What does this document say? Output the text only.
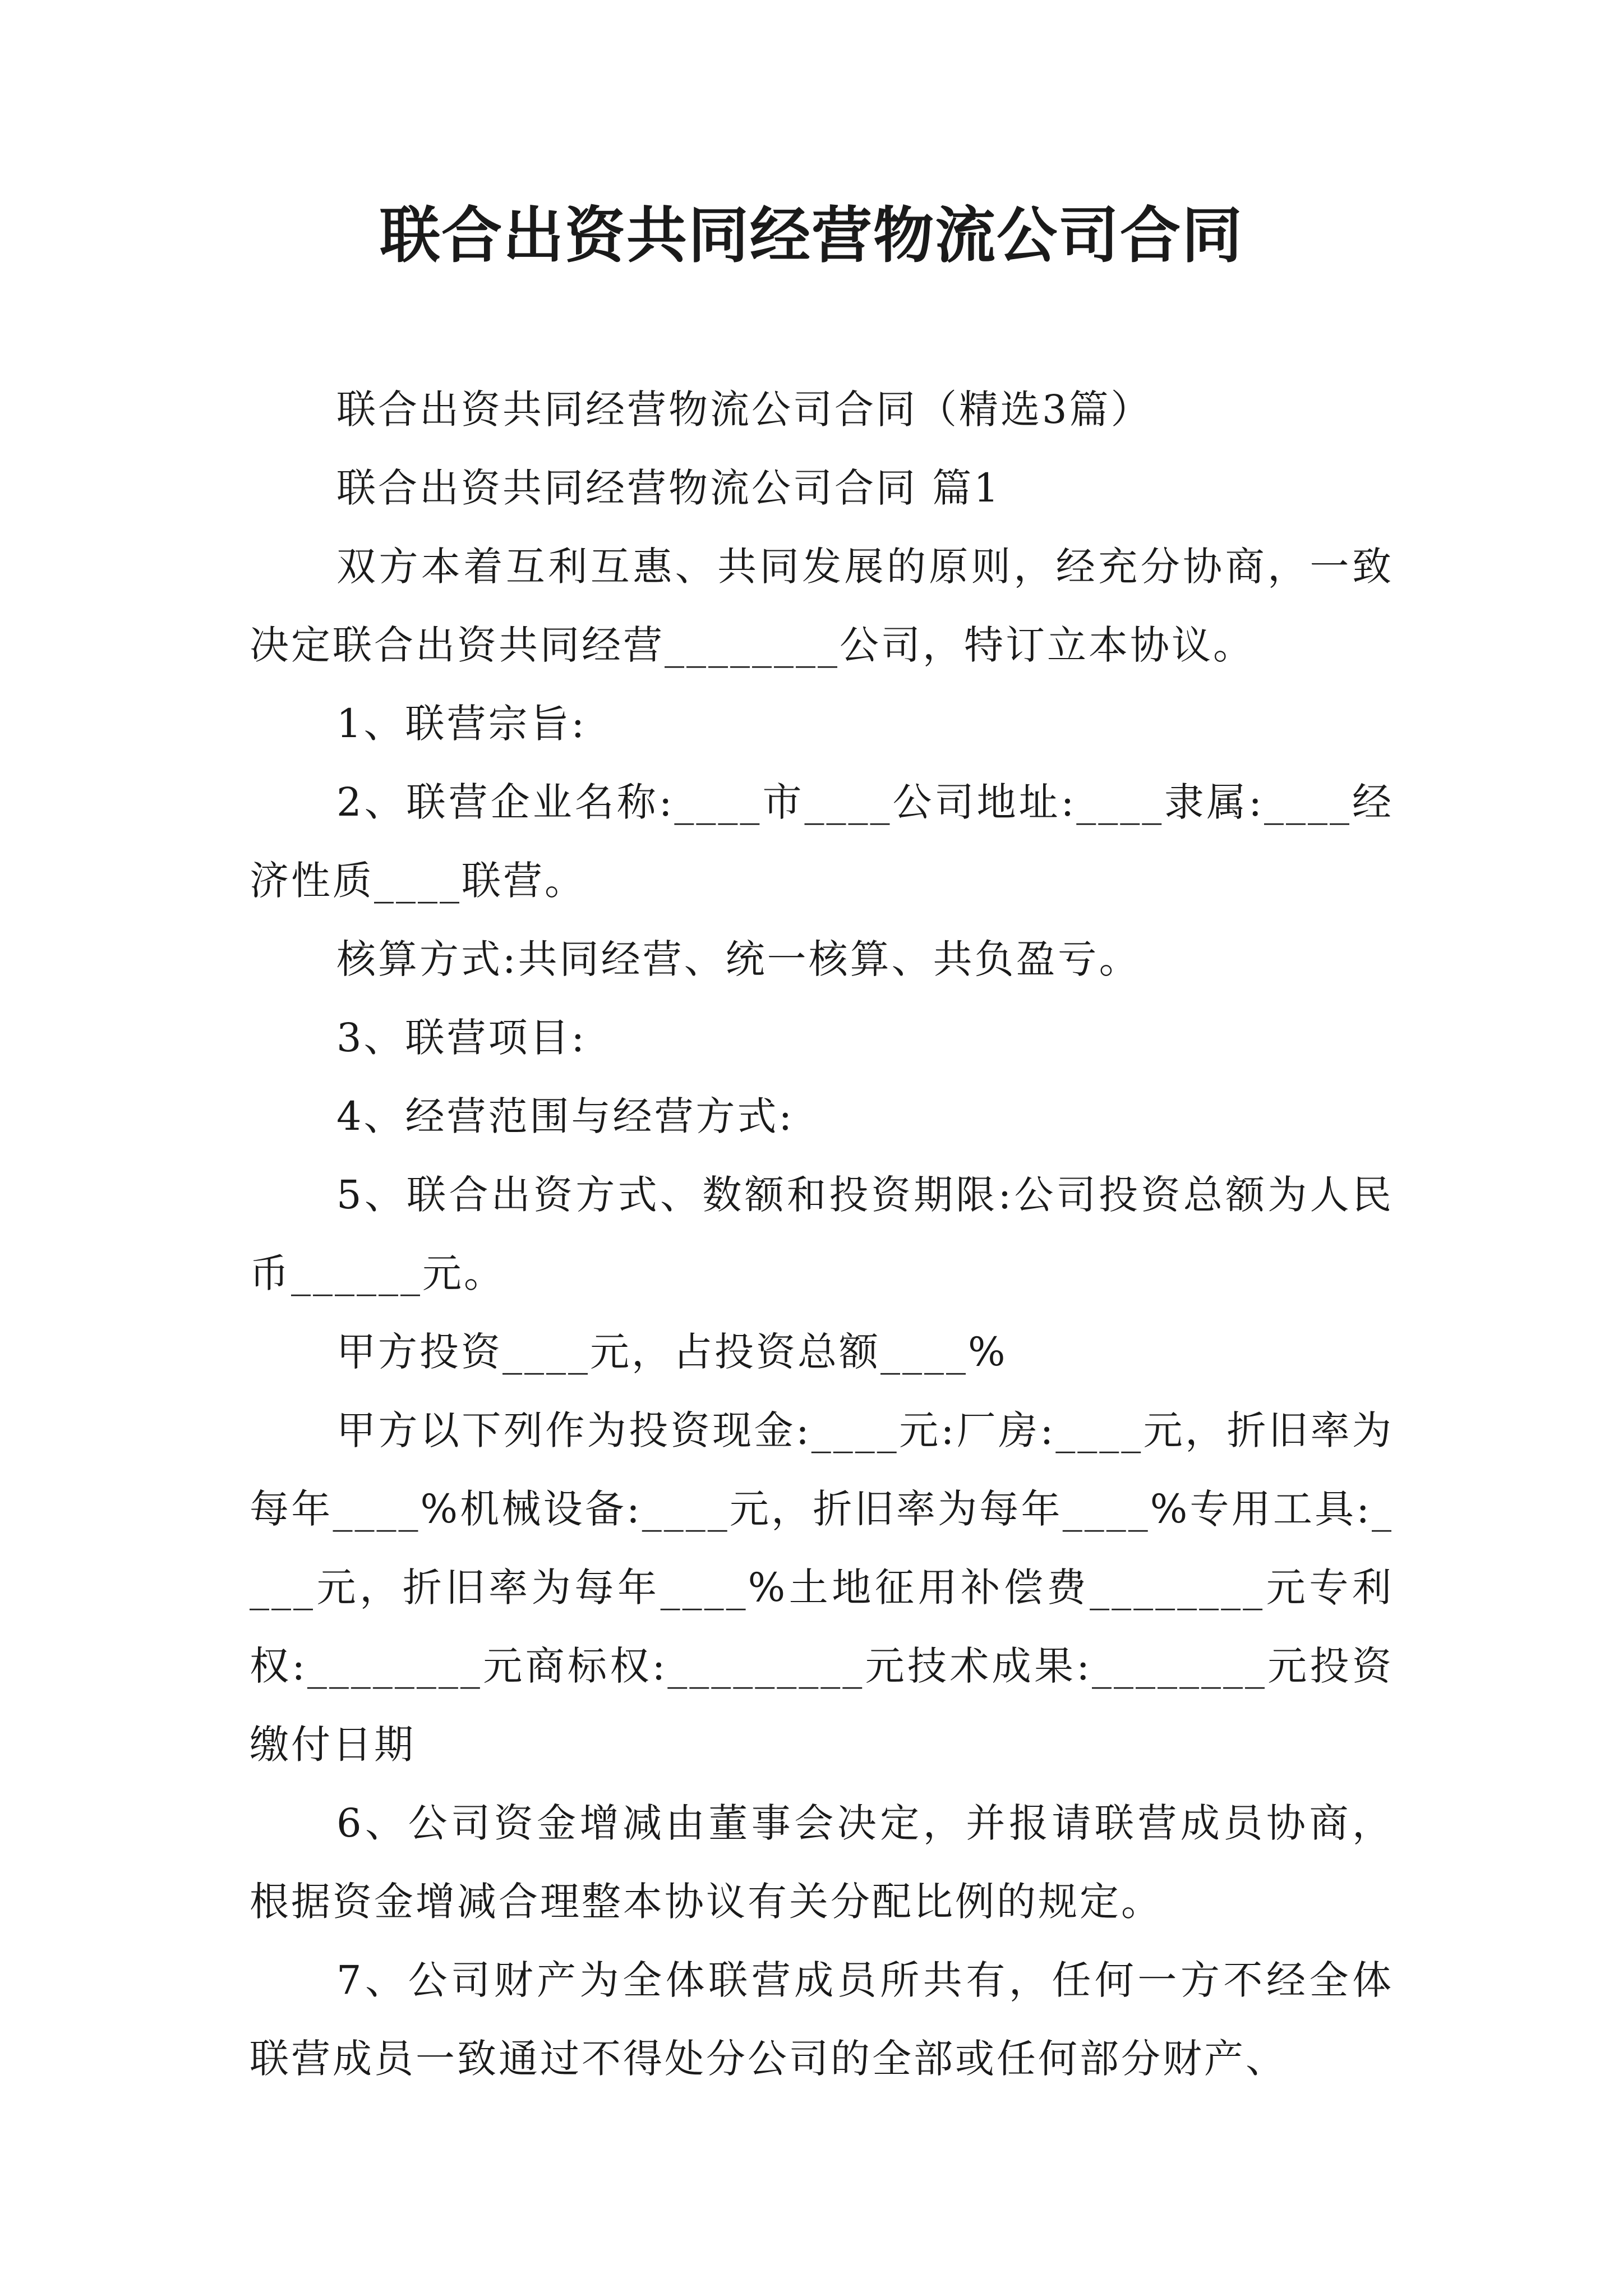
联合出资共同经营物流公司合同

联合出资共同经营物流公司合同（精选3篇）

联合出资共同经营物流公司合同 篇1

双方本着互利互惠、共同发展的原则，经充分协商，一致决定联合出资共同经营________公司，特订立本协议。

1、联营宗旨:

2、联营企业名称:____市____公司地址:____隶属:____经济性质____联营。

核算方式:共同经营、统一核算、共负盈亏。

3、联营项目:

4、经营范围与经营方式:

5、联合出资方式、数额和投资期限:公司投资总额为人民币______元。

甲方投资____元，占投资总额____%

甲方以下列作为投资现金:____元:厂房:____元，折旧率为每年____%机械设备:____元，折旧率为每年____%专用工具:____元，折旧率为每年____%土地征用补偿费________元专利权:________元商标权:_________元技术成果:________元投资缴付日期

6、公司资金增减由董事会决定，并报请联营成员协商，根据资金增减合理整本协议有关分配比例的规定。

7、公司财产为全体联营成员所共有，任何一方不经全体联营成员一致通过不得处分公司的全部或任何部分财产、
